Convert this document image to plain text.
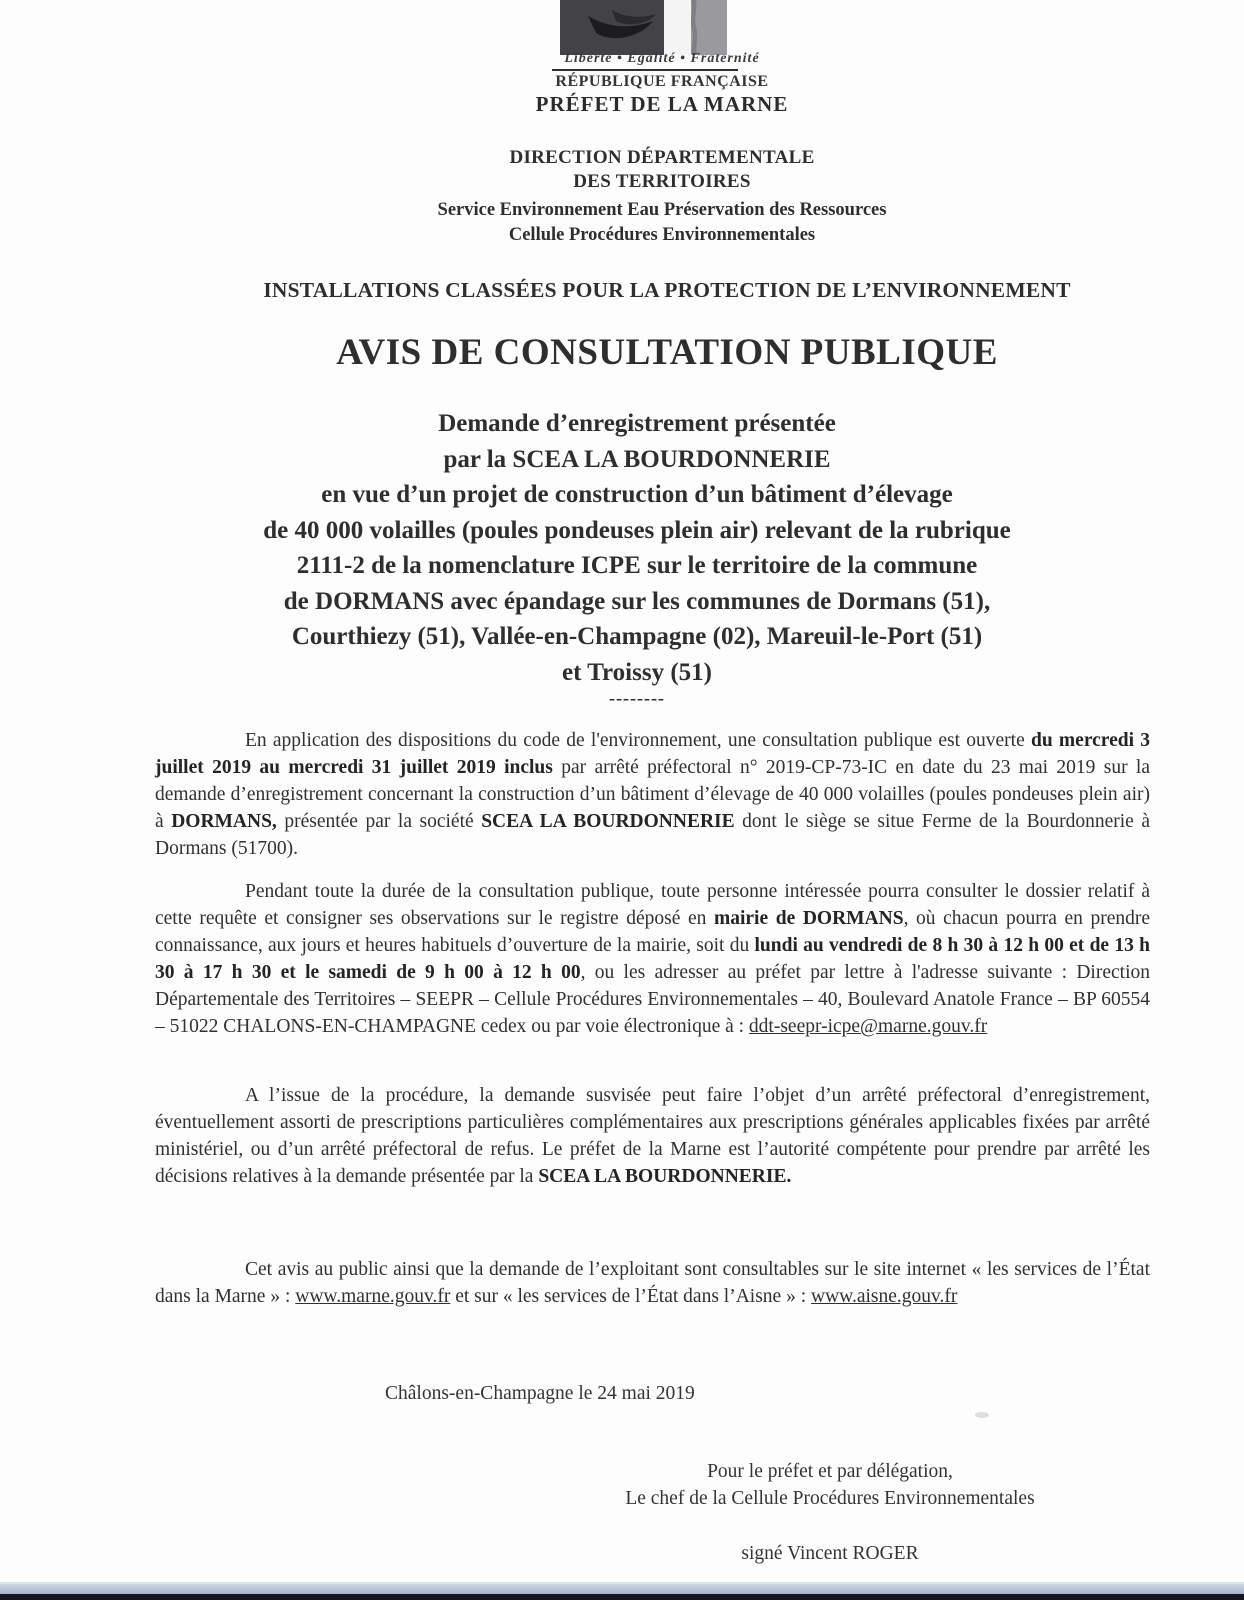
Liberté • Égalité • Fraternité
RÉPUBLIQUE FRANÇAISE
PRÉFET DE LA MARNE
DIRECTION DÉPARTEMENTALE
DES TERRITOIRES
Service Environnement Eau Préservation des Ressources
Cellule Procédures Environnementales
INSTALLATIONS CLASSÉES POUR LA PROTECTION DE L’ENVIRONNEMENT
AVIS DE CONSULTATION PUBLIQUE
Demande d’enregistrement présentée
par la SCEA LA BOURDONNERIE
en vue d’un projet de construction d’un bâtiment d’élevage
de 40 000 volailles (poules pondeuses plein air) relevant de la rubrique
2111-2 de la nomenclature ICPE sur le territoire de la commune
de DORMANS avec épandage sur les communes de Dormans (51),
Courthiezy (51), Vallée-en-Champagne (02), Mareuil-le-Port (51)
et Troissy (51)
--------

En application des dispositions du code de l'environnement, une consultation publique est ouverte du mercredi 3 juillet 2019 au mercredi 31 juillet 2019 inclus par arrêté préfectoral n° 2019-CP-73-IC en date du 23 mai 2019 sur la demande d’enregistrement concernant la construction d’un bâtiment d’élevage de 40 000 volailles (poules pondeuses plein air) à DORMANS, présentée par la société SCEA LA BOURDONNERIE dont le siège se situe Ferme de la Bourdonnerie à Dormans (51700).

Pendant toute la durée de la consultation publique, toute personne intéressée pourra consulter le dossier relatif à cette requête et consigner ses observations sur le registre déposé en mairie de DORMANS, où chacun pourra en prendre connaissance, aux jours et heures habituels d’ouverture de la mairie, soit du lundi au vendredi de 8 h 30 à 12 h 00 et de 13 h 30 à 17 h 30 et le samedi de 9 h 00 à 12 h 00, ou les adresser au préfet par lettre à l'adresse suivante : Direction Départementale des Territoires – SEEPR – Cellule Procédures Environnementales – 40, Boulevard Anatole France – BP 60554 – 51022 CHALONS-EN-CHAMPAGNE cedex ou par voie électronique à : ddt-seepr-icpe@marne.gouv.fr

A l’issue de la procédure, la demande susvisée peut faire l’objet d’un arrêté préfectoral d’enregistrement, éventuellement assorti de prescriptions particulières complémentaires aux prescriptions générales applicables fixées par arrêté ministériel, ou d’un arrêté préfectoral de refus. Le préfet de la Marne est l’autorité compétente pour prendre par arrêté les décisions relatives à la demande présentée par la SCEA LA BOURDONNERIE.

Cet avis au public ainsi que la demande de l’exploitant sont consultables sur le site internet « les services de l’État dans la Marne » : www.marne.gouv.fr et sur « les services de l’État dans l’Aisne » : www.aisne.gouv.fr

Châlons-en-Champagne le 24 mai 2019
Pour le préfet et par délégation,
Le chef de la Cellule Procédures Environnementales
signé Vincent ROGER
